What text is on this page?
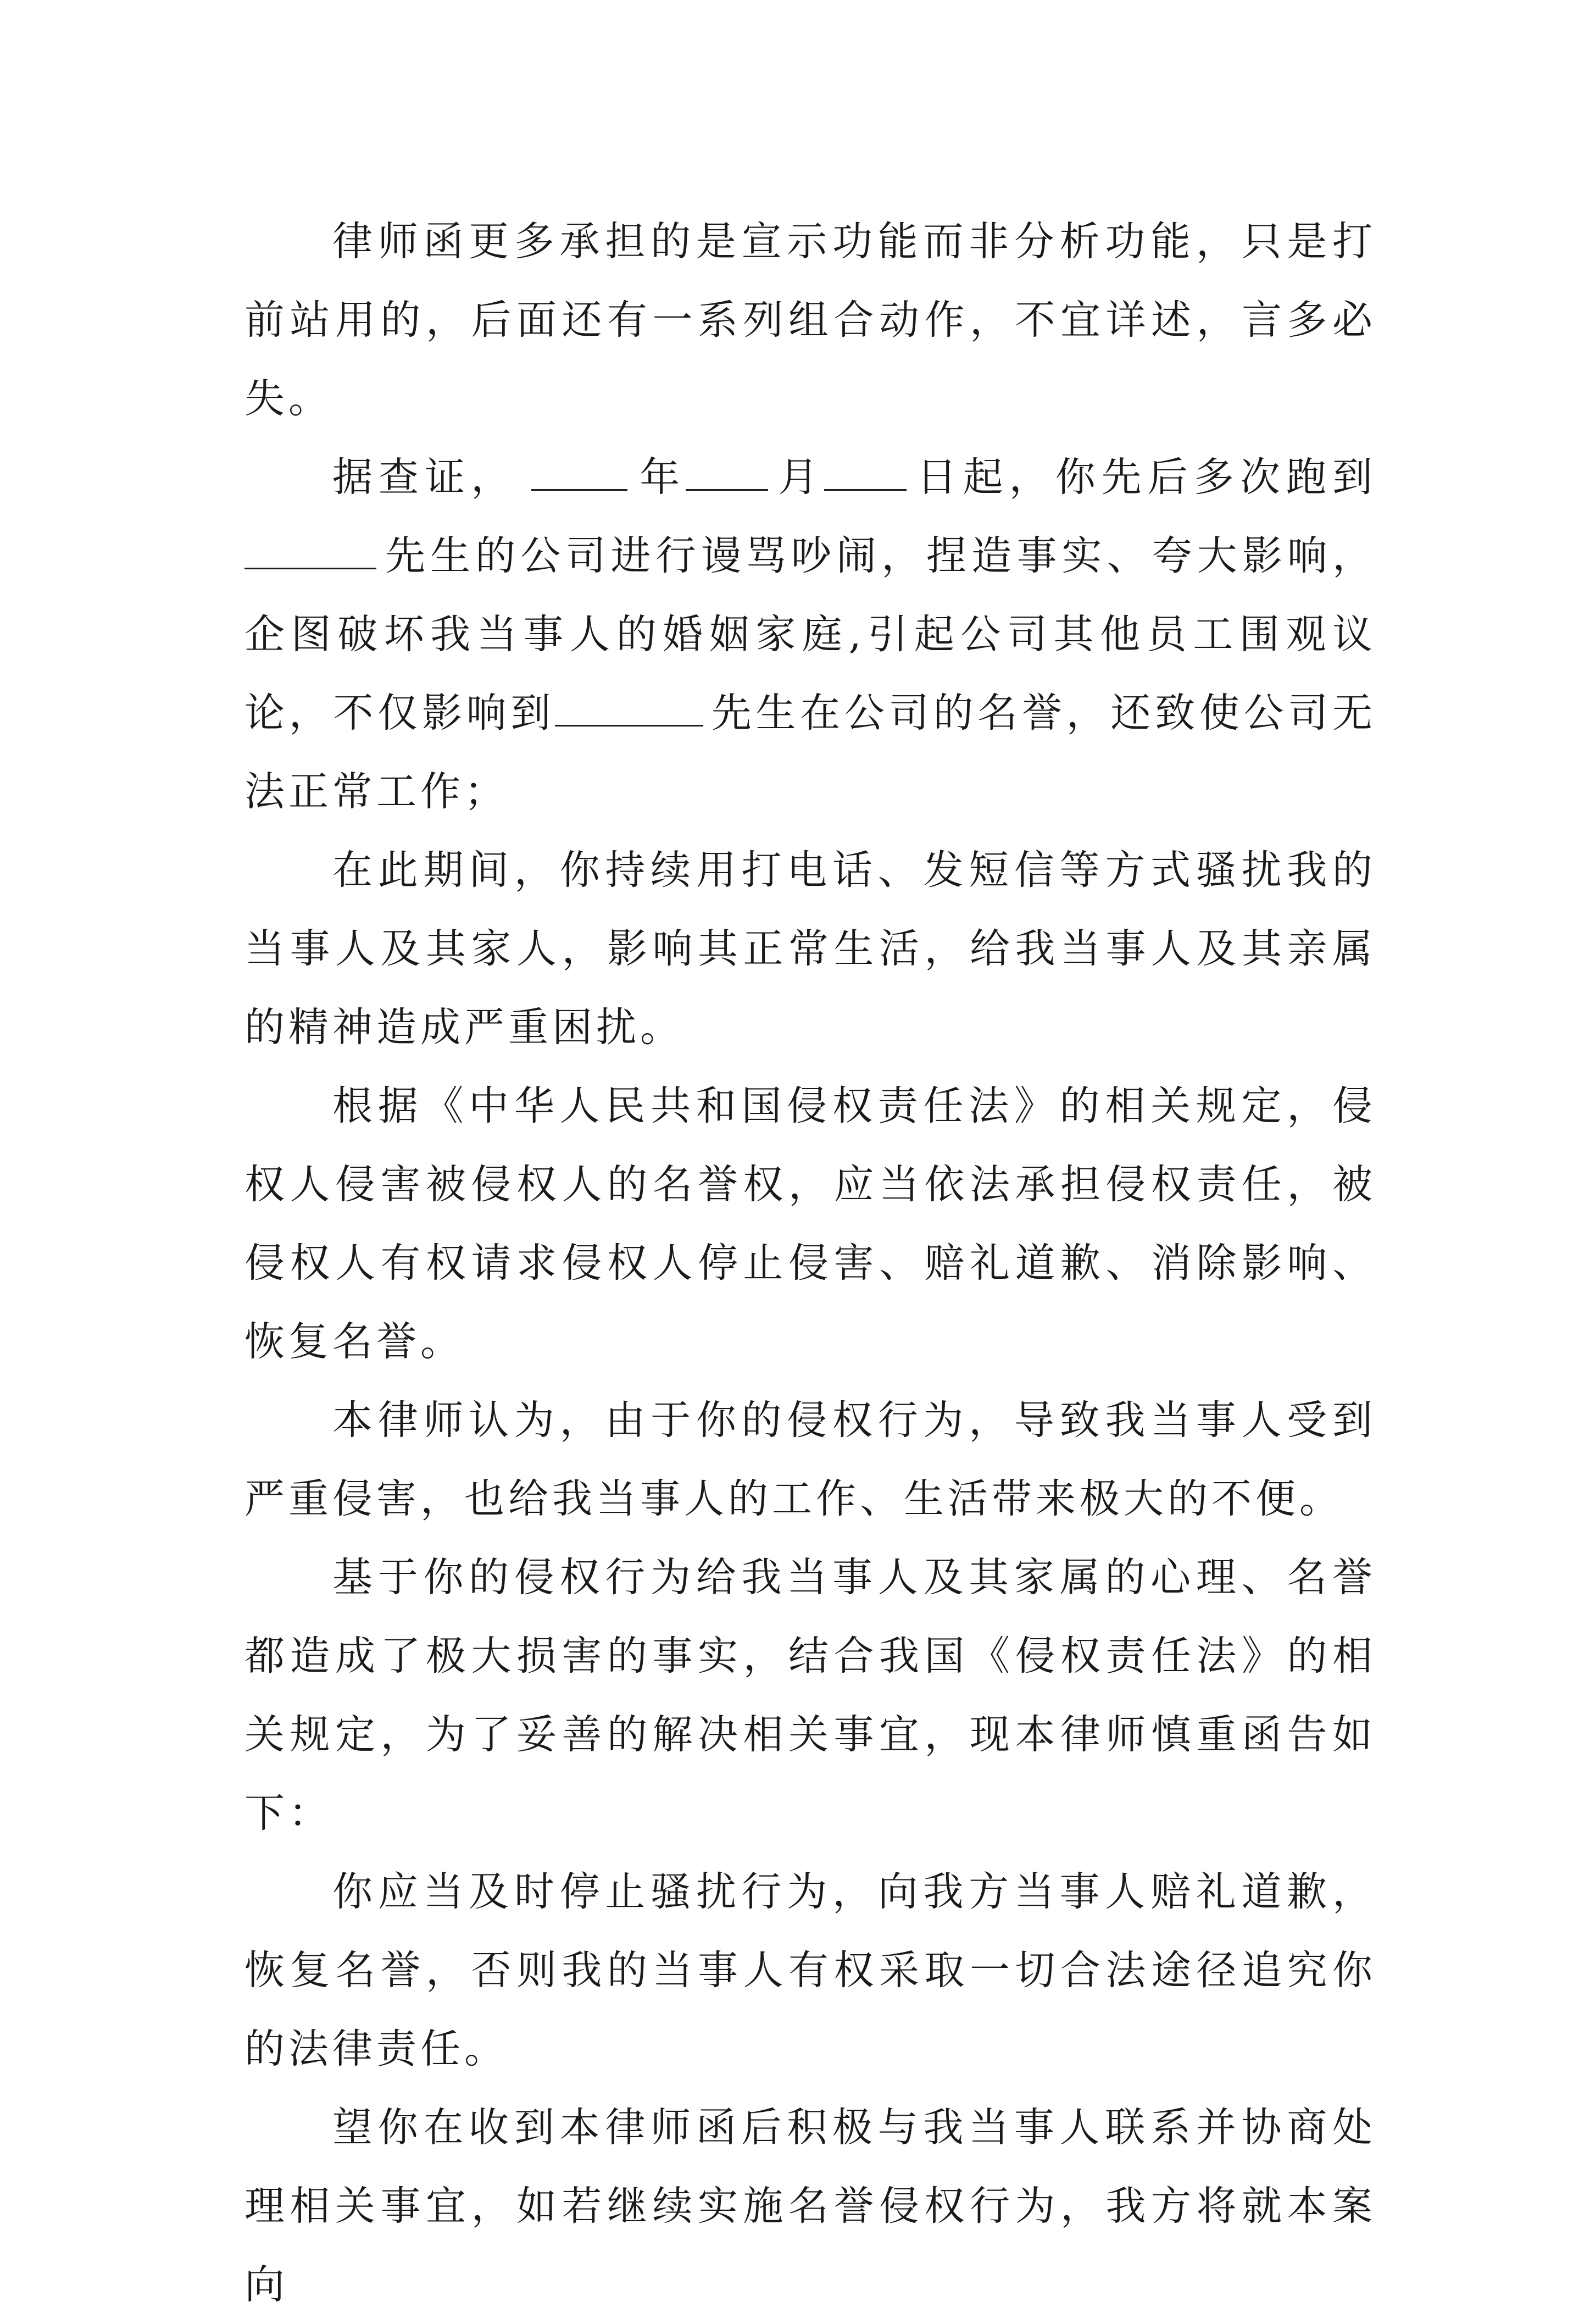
律师函更多承担的是宣示功能而非分析功能，只是打前站用的，后面还有一系列组合动作，不宜详述，言多必失。

据查证，	年 月 日起，你先后多次跑到先生的公司进行谩骂吵闹，捏造事实、夸大影响，企图破坏我当事人的婚姻家庭,引起公司其他员工围观议论，不仅影响到	先生在公司的名誉，还致使公司无法正常工作；

在此期间，你持续用打电话、发短信等方式骚扰我的当事人及其家人，影响其正常生活，给我当事人及其亲属的精神造成严重困扰。

根据《中华人民共和国侵权责任法》的相关规定，侵权人侵害被侵权人的名誉权，应当依法承担侵权责任，被侵权人有权请求侵权人停止侵害、赔礼道歉、消除影响、恢复名誉。

本律师认为，由于你的侵权行为，导致我当事人受到严重侵害，也给我当事人的工作、生活带来极大的不便。

基于你的侵权行为给我当事人及其家属的心理、名誉都造成了极大损害的事实，结合我国《侵权责任法》的相关规定，为了妥善的解决相关事宜，现本律师慎重函告如下：

你应当及时停止骚扰行为，向我方当事人赔礼道歉，恢复名誉，否则我的当事人有权采取一切合法途径追究你的法律责任。

望你在收到本律师函后积极与我当事人联系并协商处理相关事宜，如若继续实施名誉侵权行为，我方将就本案向
